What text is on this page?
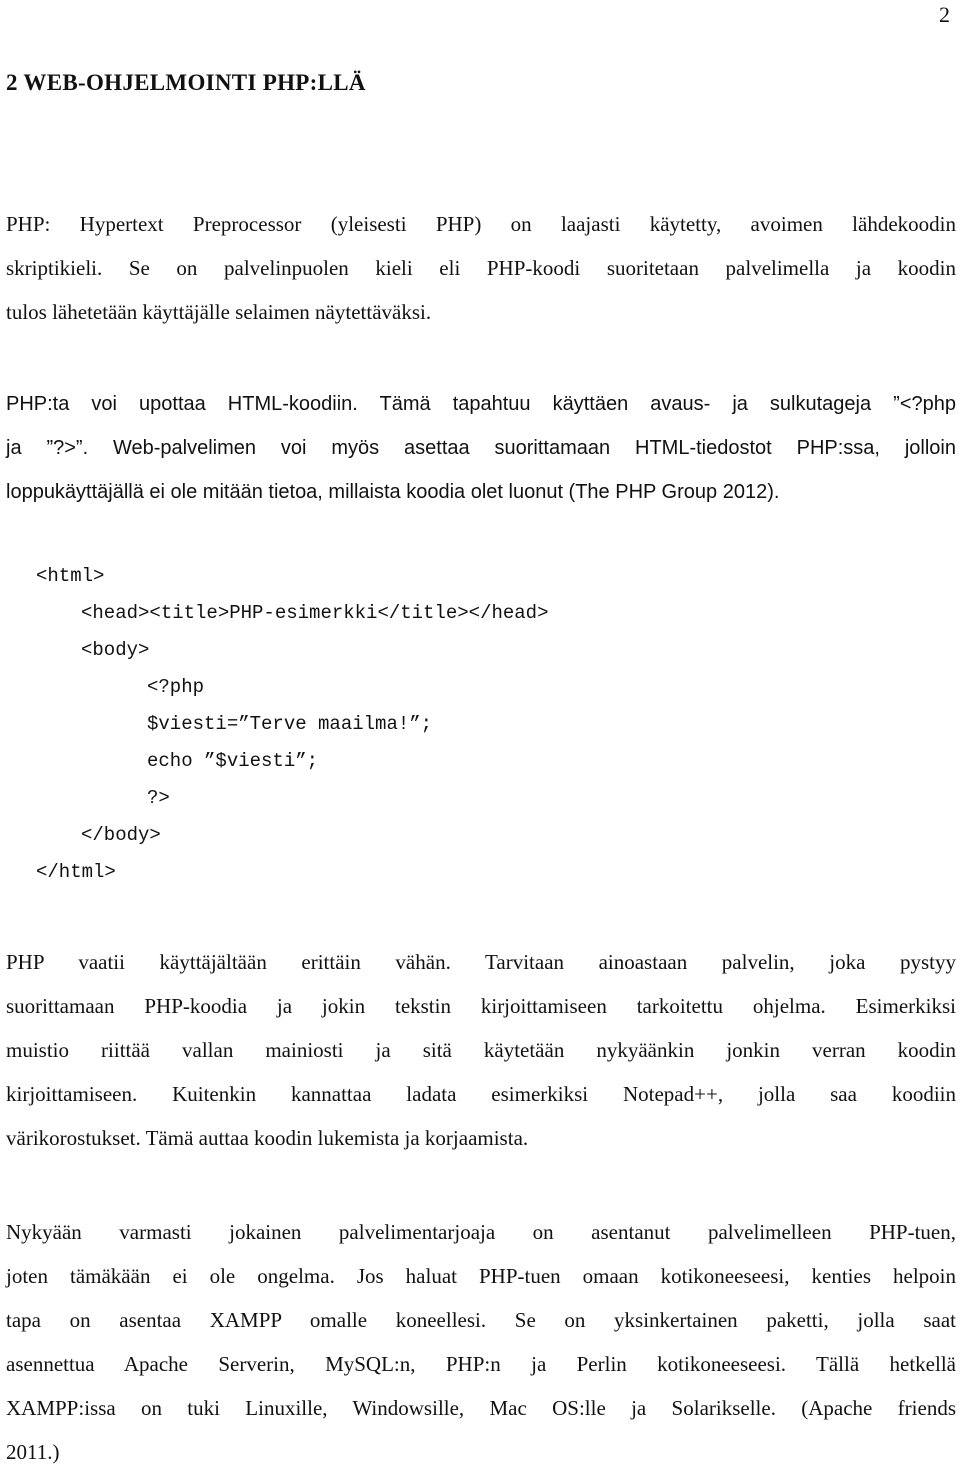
2
2 WEB-OHJELMOINTI PHP:LLÄ
PHP: Hypertext Preprocessor (yleisesti PHP) on laajasti käytetty, avoimen lähdekoodin
skriptikieli. Se on palvelinpuolen kieli eli PHP-koodi suoritetaan palvelimella ja koodin
tulos lähetetään käyttäjälle selaimen näytettäväksi.
PHP:ta voi upottaa HTML-koodiin. Tämä tapahtuu käyttäen avaus- ja sulkutageja ”<?php
ja ”?>”. Web-palvelimen voi myös asettaa suorittamaan HTML-tiedostot PHP:ssa, jolloin
loppukäyttäjällä ei ole mitään tietoa, millaista koodia olet luonut (The PHP Group 2012).
<html>
<head><title>PHP-esimerkki</title></head>
<body>
<?php
$viesti=”Terve maailma!”;
echo ”$viesti”;
?>
</body>
</html>
PHP vaatii käyttäjältään erittäin vähän. Tarvitaan ainoastaan palvelin, joka pystyy
suorittamaan PHP-koodia ja jokin tekstin kirjoittamiseen tarkoitettu ohjelma. Esimerkiksi
muistio riittää vallan mainiosti ja sitä käytetään nykyäänkin jonkin verran koodin
kirjoittamiseen. Kuitenkin kannattaa ladata esimerkiksi Notepad++, jolla saa koodiin
värikorostukset. Tämä auttaa koodin lukemista ja korjaamista.
Nykyään varmasti jokainen palvelimentarjoaja on asentanut palvelimelleen PHP-tuen,
joten tämäkään ei ole ongelma. Jos haluat PHP-tuen omaan kotikoneeseesi, kenties helpoin
tapa on asentaa XAMPP omalle koneellesi. Se on yksinkertainen paketti, jolla saat
asennettua Apache Serverin, MySQL:n, PHP:n ja Perlin kotikoneeseesi. Tällä hetkellä
XAMPP:issa on tuki Linuxille, Windowsille, Mac OS:lle ja Solarikselle. (Apache friends
2011.)
